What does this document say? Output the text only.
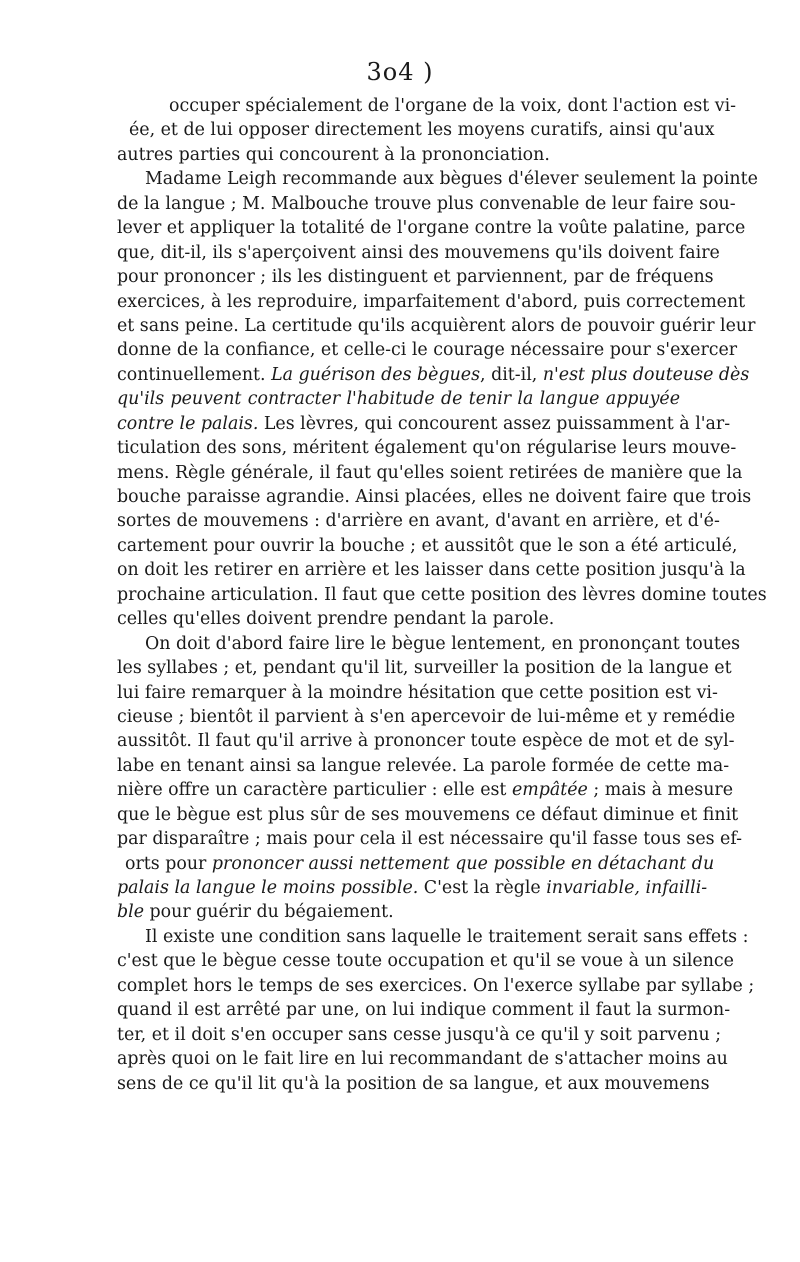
3o4 )
occuper spécialement de l'organe de la voix, dont l'action est vi-
ée, et de lui opposer directement les moyens curatifs, ainsi qu'aux
autres parties qui concourent à la prononciation.
Madame Leigh recommande aux bègues d'élever seulement la pointe
de la langue ; M. Malbouche trouve plus convenable de leur faire sou-
lever et appliquer la totalité de l'organe contre la voûte palatine, parce
que, dit-il, ils s'aperçoivent ainsi des mouvemens qu'ils doivent faire
pour prononcer ; ils les distinguent et parviennent, par de fréquens
exercices, à les reproduire, imparfaitement d'abord, puis correctement
et sans peine. La certitude qu'ils acquièrent alors de pouvoir guérir leur
donne de la confiance, et celle-ci le courage nécessaire pour s'exercer
continuellement. La guérison des bègues, dit-il, n'est plus douteuse dès
qu'ils peuvent contracter l'habitude de tenir la langue appuyée
contre le palais. Les lèvres, qui concourent assez puissamment à l'ar-
ticulation des sons, méritent également qu'on régularise leurs mouve-
mens. Règle générale, il faut qu'elles soient retirées de manière que la
bouche paraisse agrandie. Ainsi placées, elles ne doivent faire que trois
sortes de mouvemens : d'arrière en avant, d'avant en arrière, et d'é-
cartement pour ouvrir la bouche ; et aussitôt que le son a été articulé,
on doit les retirer en arrière et les laisser dans cette position jusqu'à la
prochaine articulation. Il faut que cette position des lèvres domine toutes
celles qu'elles doivent prendre pendant la parole.
On doit d'abord faire lire le bègue lentement, en prononçant toutes
les syllabes ; et, pendant qu'il lit, surveiller la position de la langue et
lui faire remarquer à la moindre hésitation que cette position est vi-
cieuse ; bientôt il parvient à s'en apercevoir de lui-même et y remédie
aussitôt. Il faut qu'il arrive à prononcer toute espèce de mot et de syl-
labe en tenant ainsi sa langue relevée. La parole formée de cette ma-
nière offre un caractère particulier : elle est empâtée ; mais à mesure
que le bègue est plus sûr de ses mouvemens ce défaut diminue et finit
par disparaître ; mais pour cela il est nécessaire qu'il fasse tous ses ef-
orts pour prononcer aussi nettement que possible en détachant du
palais la langue le moins possible. C'est la règle invariable, infailli-
ble pour guérir du bégaiement.
Il existe une condition sans laquelle le traitement serait sans effets :
c'est que le bègue cesse toute occupation et qu'il se voue à un silence
complet hors le temps de ses exercices. On l'exerce syllabe par syllabe ;
quand il est arrêté par une, on lui indique comment il faut la surmon-
ter, et il doit s'en occuper sans cesse jusqu'à ce qu'il y soit parvenu ;
après quoi on le fait lire en lui recommandant de s'attacher moins au
sens de ce qu'il lit qu'à la position de sa langue, et aux mouvemens
